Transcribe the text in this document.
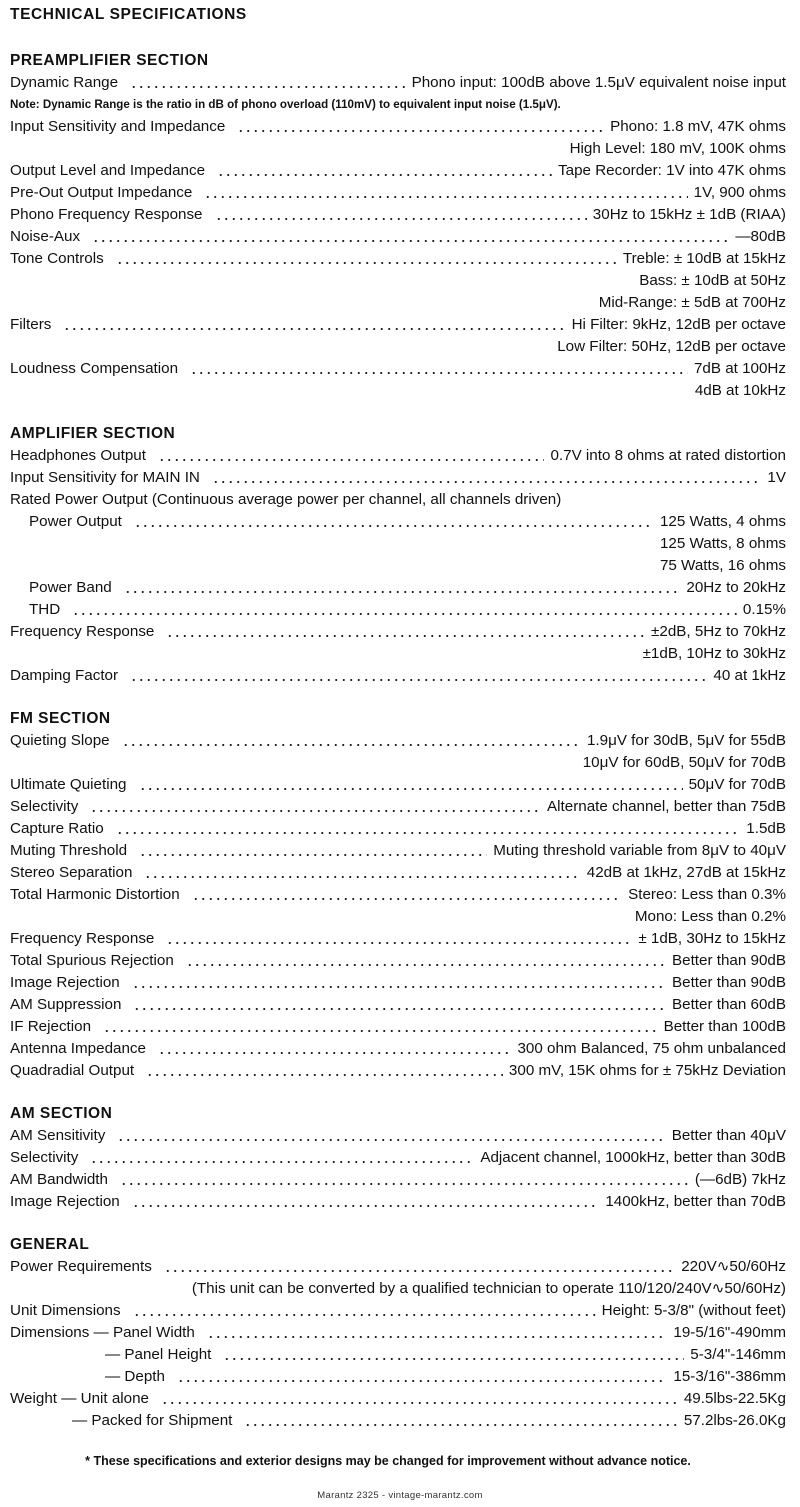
TECHNICAL SPECIFICATIONS
PREAMPLIFIER SECTION
Dynamic Range	Phono input: 100dB above 1.5μV equivalent noise input
Note: Dynamic Range is the ratio in dB of phono overload (110mV) to equivalent input noise (1.5μV).
Input Sensitivity and Impedance	Phono: 1.8 mV, 47K ohms
High Level: 180 mV, 100K ohms
Output Level and Impedance	Tape Recorder: 1V into 47K ohms
Pre-Out Output Impedance	1V, 900 ohms
Phono Frequency Response	30Hz to 15kHz ± 1dB (RIAA)
Noise-Aux	—80dB
Tone Controls	Treble: ± 10dB at 15kHz
Bass: ± 10dB at 50Hz
Mid-Range: ± 5dB at 700Hz
Filters	Hi Filter: 9kHz, 12dB per octave
Low Filter: 50Hz, 12dB per octave
Loudness Compensation	7dB at 100Hz
4dB at 10kHz
AMPLIFIER SECTION
Headphones Output	0.7V into 8 ohms at rated distortion
Input Sensitivity for MAIN IN	1V
Rated Power Output (Continuous average power per channel, all channels driven)
Power Output	125 Watts, 4 ohms
125 Watts, 8 ohms
75 Watts, 16 ohms
Power Band	20Hz to 20kHz
THD	0.15%
Frequency Response	±2dB, 5Hz to 70kHz
±1dB, 10Hz to 30kHz
Damping Factor	40 at 1kHz
FM SECTION
Quieting Slope	1.9μV for 30dB, 5μV for 55dB
10μV for 60dB, 50μV for 70dB
Ultimate Quieting	50μV for 70dB
Selectivity	Alternate channel, better than 75dB
Capture Ratio	1.5dB
Muting Threshold	Muting threshold variable from 8μV to 40μV
Stereo Separation	42dB at 1kHz, 27dB at 15kHz
Total Harmonic Distortion	Stereo: Less than 0.3%
Mono: Less than 0.2%
Frequency Response	± 1dB, 30Hz to 15kHz
Total Spurious Rejection	Better than 90dB
Image Rejection	Better than 90dB
AM Suppression	Better than 60dB
IF Rejection	Better than 100dB
Antenna Impedance	300 ohm Balanced, 75 ohm unbalanced
Quadradial Output	300 mV, 15K ohms for ± 75kHz Deviation
AM SECTION
AM Sensitivity	Better than 40μV
Selectivity	Adjacent channel, 1000kHz, better than 30dB
AM Bandwidth	(—6dB) 7kHz
Image Rejection	1400kHz, better than 70dB
GENERAL
Power Requirements	220V∿50/60Hz
(This unit can be converted by a qualified technician to operate 110/120/240V∿50/60Hz)
Unit Dimensions	Height: 5-3/8" (without feet)
Dimensions — Panel Width	19-5/16"-490mm
— Panel Height	5-3/4"-146mm
— Depth	15-3/16"-386mm
Weight — Unit alone	49.5lbs-22.5Kg
— Packed for Shipment	57.2lbs-26.0Kg
* These specifications and exterior designs may be changed for improvement without advance notice.
Marantz 2325 - vintage-marantz.com
